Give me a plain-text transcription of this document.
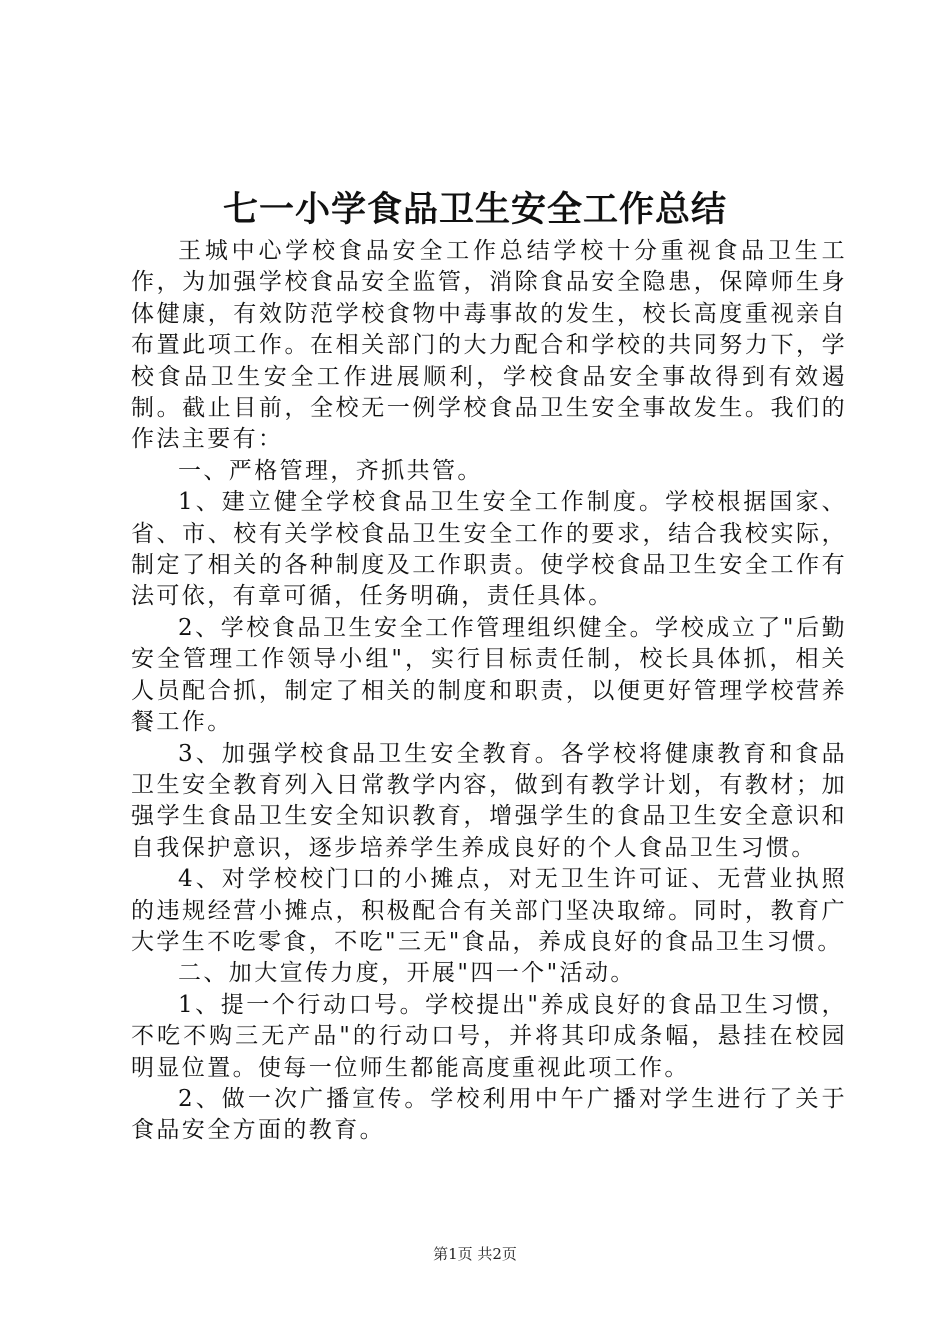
七一小学食品卫生安全工作总结

王城中心学校食品安全工作总结学校十分重视食品卫生工作，为加强学校食品安全监管，消除食品安全隐患，保障师生身体健康，有效防范学校食物中毒事故的发生，校长高度重视亲自布置此项工作。在相关部门的大力配合和学校的共同努力下，学校食品卫生安全工作进展顺利，学校食品安全事故得到有效遏制。截止目前，全校无一例学校食品卫生安全事故发生。我们的作法主要有：

一、严格管理，齐抓共管。

1、建立健全学校食品卫生安全工作制度。学校根据国家、省、市、校有关学校食品卫生安全工作的要求，结合我校实际，制定了相关的各种制度及工作职责。使学校食品卫生安全工作有法可依，有章可循，任务明确，责任具体。

2、学校食品卫生安全工作管理组织健全。学校成立了"后勤安全管理工作领导小组"，实行目标责任制，校长具体抓，相关人员配合抓，制定了相关的制度和职责，以便更好管理学校营养餐工作。

3、加强学校食品卫生安全教育。各学校将健康教育和食品卫生安全教育列入日常教学内容，做到有教学计划，有教材；加强学生食品卫生安全知识教育，增强学生的食品卫生安全意识和自我保护意识，逐步培养学生养成良好的个人食品卫生习惯。

4、对学校校门口的小摊点，对无卫生许可证、无营业执照的违规经营小摊点，积极配合有关部门坚决取缔。同时，教育广大学生不吃零食，不吃"三无"食品，养成良好的食品卫生习惯。

二、加大宣传力度，开展"四一个"活动。

1、提一个行动口号。学校提出"养成良好的食品卫生习惯，不吃不购三无产品"的行动口号，并将其印成条幅，悬挂在校园明显位置。使每一位师生都能高度重视此项工作。

2、做一次广播宣传。学校利用中午广播对学生进行了关于食品安全方面的教育。

第1页 共2页
